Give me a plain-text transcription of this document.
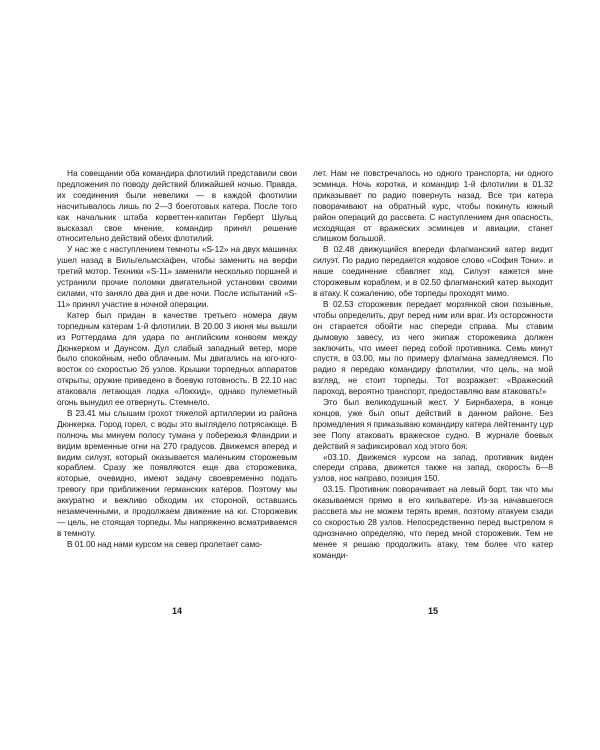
На совещании оба командира флотилий представили свои предложения по поводу действий ближайшей ночью. Правда, их соединения были невелики — в каждой флотилии насчитывалось лишь по 2—3 боеготовых катера. После того как начальник штаба корветтен-капитан Герберт Шульц высказал свое мнение, командир принял решение относительно действий обеих флотилий.

У нас же с наступлением темноты «S-12» на двух машинах ушел назад в Вильгельмсхафен, чтобы заменить на верфи третий мотор. Техники «S-11» заменили несколько поршней и устранили прочие поломки двигательной установки своими силами, что заняло два дня и две ночи. После испытаний «S-11» принял участие в ночной операции.

Катер был придан в качестве третьего номера двум торпедным катерам 1-й флотилии. В 20.00 3 июня мы вышли из Роттердама для удара по английским конвоям между Дюнкерком и Даунсом. Дул слабый западный ветер, море было спокойным, небо облачным. Мы двигались на юго-юго-восток со скоростью 26 узлов. Крышки торпедных аппаратов открыты, оружие приведено в боевую готовность. В 22.10 нас атаковала летающая лодка «Локхид», однако пулеметный огонь вынудил ее отвернуть. Стемнело.

В 23.41 мы слышим грохот тяжелой артиллерии из района Дюнкерка. Город горел, с воды это выглядело потрясающе. В полночь мы минуем полосу тумана у побережья Фландрии и видим временные огни на 270 градусов. Движемся вперед и видим силуэт, который оказывается маленьким сторожевым кораблем. Сразу же появляются еще два сторожевика, которые, очевидно, имеют задачу своевременно подать тревогу при приближении германских катеров. Поэтому мы аккуратно и вежливо обходим их стороной, оставшись незамеченными, и продолжаем движение на юг. Сторожевик — цель, не стоящая торпеды. Мы напряженно всматриваемся в темноту.

В 01.00 над нами курсом на север пролетает само-

14

лет. Нам не повстречалось но одного транспорта, ни одного эсминца. Ночь коротка, и командир 1-й флотилии в 01.32 приказывает по радио повернуть назад. Все три катера поворачивают на обратный курс, чтобы покинуть южный район операций до рассвета. С наступлением дня опасность, исходящая от вражеских эсминцев и авиации, станет слишком большой.

В 02.48 движущийся впереди флагманский катер видит силуэт. По радио передается кодовое слово «София Тони». и наше соединение сбавляет ход. Силуэт кажется мне сторожевым кораблем, и в 02.50 флагманский катер выходит в атаку. К сожалению, обе торпеды проходят мимо.

В 02.53 сторожевик передает морзянкой свои позывные, чтобы определить, друг перед ним или враг. Из осторожности он старается обойти нас спереди справа. Мы ставим дымовую завесу, из чего экипаж сторожевика должен заключить, что имеет перед собой противника. Семь минут спустя, в 03.00, мы по примеру флагмана замедляемся. По радио я передаю командиру флотилии, что цель, на мой взгляд, не стоит торпеды. Тот возражает: «Вражеский пароход, вероятно транспорт, предоставляю вам атаковать!»

Это был великодушный жест. У Бирнбахера, в конце концов, уже был опыт действий в данном районе. Без промедления я приказываю командиру катера лейтенанту цур зее Попу атаковать вражеское судно. В журнале боевых действий я зафиксировал ход этого боя:

«03.10. Движемся курсом на запад, противник виден спереди справа, движется также на запад, скорость 6—8 узлов, нос направо, позиция 150.

03.15. Противник поворачивает на левый борт, так что мы оказываемся прямо в его кильватере. Из-за начавшегося рассвета мы не можем терять время, поэтому атакуем сзади со скоростью 28 узлов. Непосредственно перед выстрелом я однозначно определяю, что перед мной сторожевик. Тем не менее я решаю продолжить атаку, тем более что катер команди-

15
